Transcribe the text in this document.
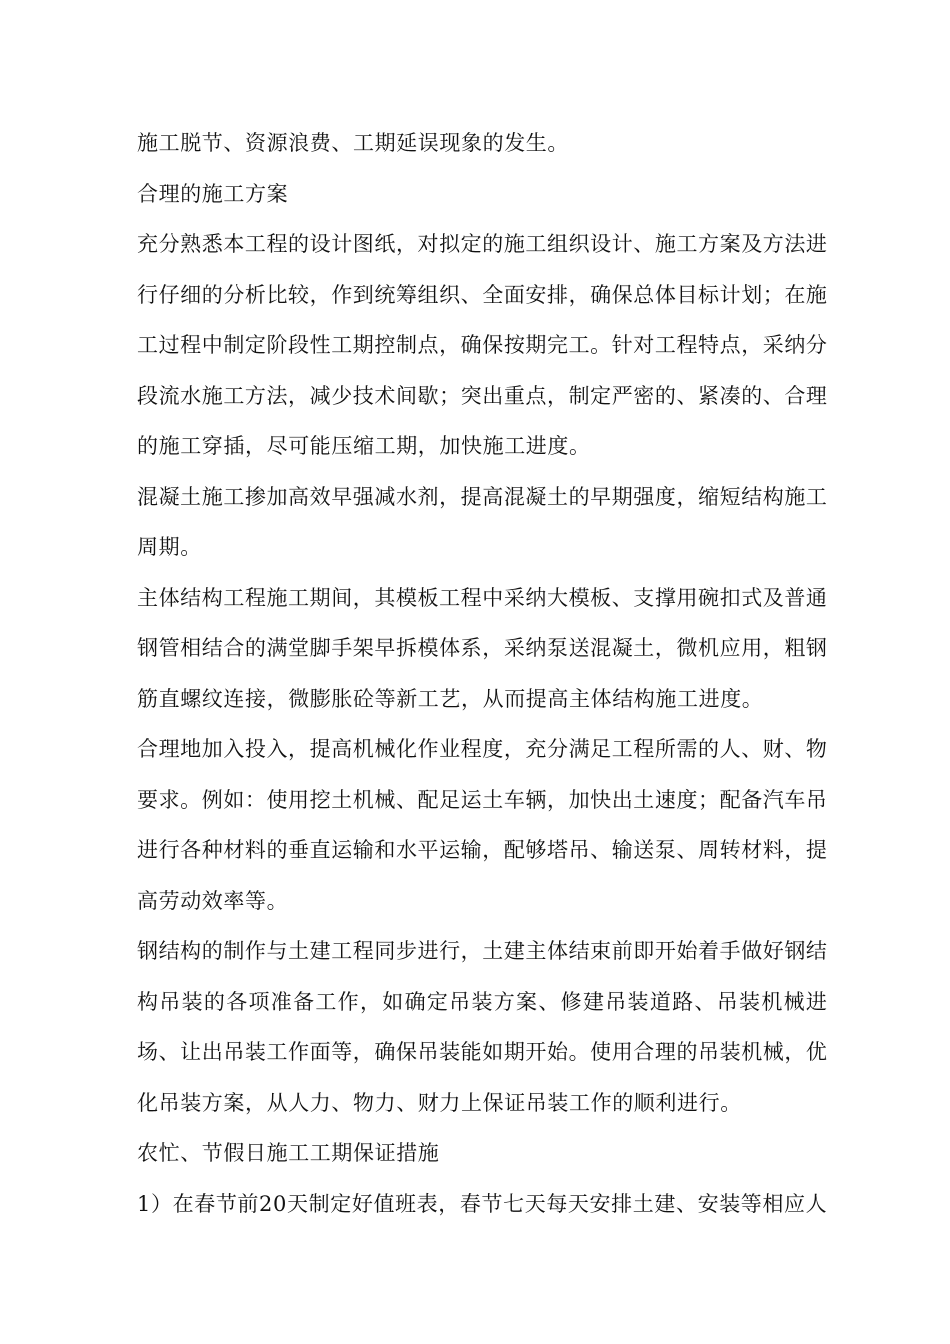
施工脱节、资源浪费、工期延误现象的发生。
合理的施工方案
充 分 熟 悉 本 工 程 的 设 计 图 纸 ， 对 拟 定 的 施 工 组 织 设 计 、 施 工 方 案 及 方 法 进
行 仔 细 的 分 析 比 较 ， 作 到 统 筹 组 织 、 全 面 安 排 ， 确 保 总 体 目 标 计 划 ； 在 施
工 过 程 中 制 定 阶 段 性 工 期 控 制 点 ， 确 保 按 期 完 工 。 针 对 工 程 特 点 ， 采 纳 分
段 流 水 施 工 方 法 ， 减 少 技 术 间 歇 ； 突 出 重 点 ， 制 定 严 密 的 、 紧 凑 的 、 合 理
的施工穿插，尽可能压缩工期，加快施工进度。
混 凝 土 施 工 掺 加 高 效 早 强 减 水 剂 ， 提 高 混 凝 土 的 早 期 强 度 ， 缩 短 结 构 施 工
周期。
主 体 结 构 工 程 施 工 期 间 ， 其 模 板 工 程 中 采 纳 大 模 板 、 支 撑 用 碗 扣 式 及 普 通
钢 管 相 结 合 的 满 堂 脚 手 架 早 拆 模 体 系 ， 采 纳 泵 送 混 凝 土 ， 微 机 应 用 ， 粗 钢
筋直螺纹连接，微膨胀砼等新工艺，从而提高主体结构施工进度。
合 理 地 加 入 投 入 ， 提 高 机 械 化 作 业 程 度 ， 充 分 满 足 工 程 所 需 的 人 、 财 、 物
要 求 。 例 如 ： 使 用 挖 土 机 械 、 配 足 运 土 车 辆 ， 加 快 出 土 速 度 ； 配 备 汽 车 吊
进 行 各 种 材 料 的 垂 直 运 输 和 水 平 运 输 ， 配 够 塔 吊 、 输 送 泵 、 周 转 材 料 ， 提
高劳动效率等。
钢 结 构 的 制 作 与 土 建 工 程 同 步 进 行 ， 土 建 主 体 结 束 前 即 开 始 着 手 做 好 钢 结
构 吊 装 的 各 项 准 备 工 作 ， 如 确 定 吊 装 方 案 、 修 建 吊 装 道 路 、 吊 装 机 械 进
场 、 让 出 吊 装 工 作 面 等 ， 确 保 吊 装 能 如 期 开 始 。 使 用 合 理 的 吊 装 机 械 ， 优
化吊装方案，从人力、物力、财力上保证吊装工作的顺利进行。
农忙、节假日施工工期保证措施
1 ） 在 春 节 前 2 0 天 制 定 好 值 班 表 ， 春 节 七 天 每 天 安 排 土 建 、 安 装 等 相 应 人
